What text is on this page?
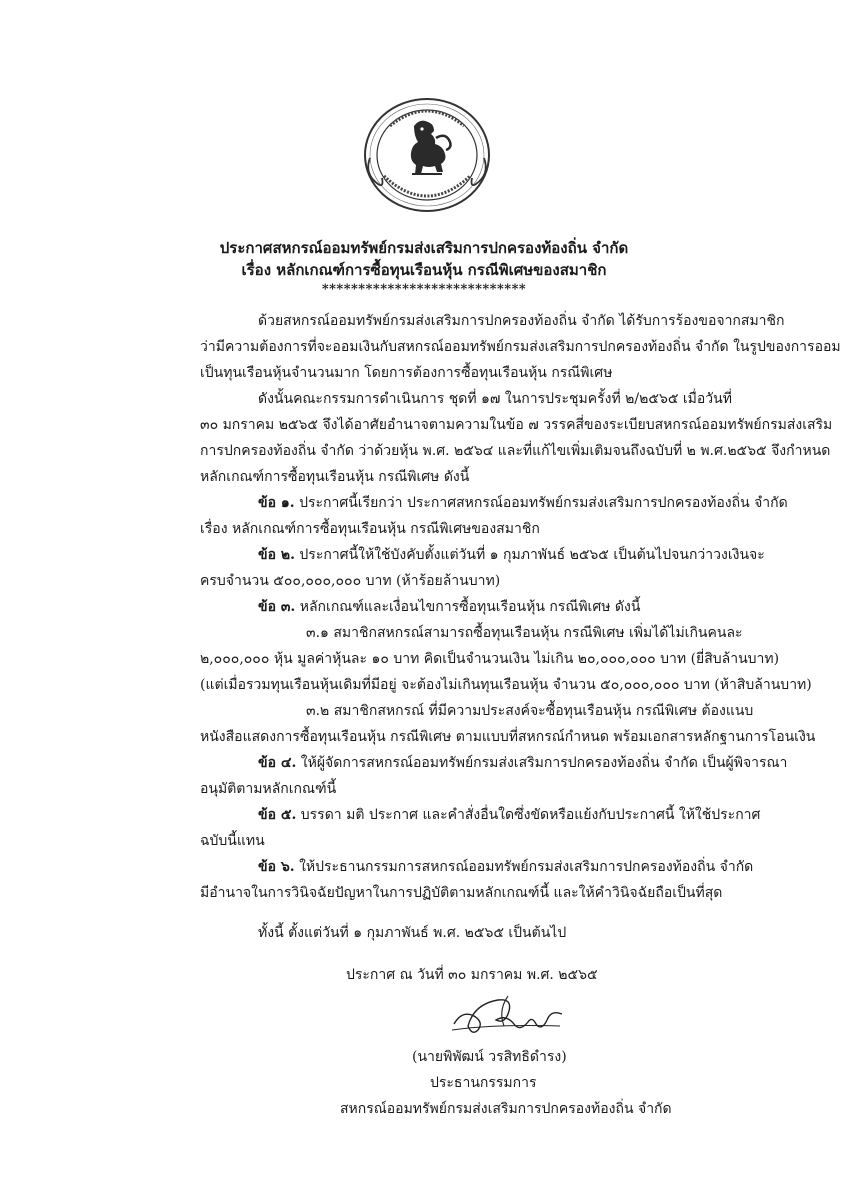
ประกาศสหกรณ์ออมทรัพย์กรมส่งเสริมการปกครองท้องถิ่น จำกัด
เรื่อง หลักเกณฑ์การซื้อทุนเรือนหุ้น กรณีพิเศษของสมาชิก
****************************
ด้วยสหกรณ์ออมทรัพย์กรมส่งเสริมการปกครองท้องถิ่น จำกัด ได้รับการร้องขอจากสมาชิก
ว่ามีความต้องการที่จะออมเงินกับสหกรณ์ออมทรัพย์กรมส่งเสริมการปกครองท้องถิ่น จำกัด ในรูปของการออม
เป็นทุนเรือนหุ้นจำนวนมาก โดยการต้องการซื้อทุนเรือนหุ้น กรณีพิเศษ
ดังนั้นคณะกรรมการดำเนินการ ชุดที่ ๑๗ ในการประชุมครั้งที่ ๒/๒๕๖๕ เมื่อวันที่
๓๐ มกราคม ๒๕๖๕ จึงได้อาศัยอำนาจตามความในข้อ ๗ วรรคสี่ของระเบียบสหกรณ์ออมทรัพย์กรมส่งเสริม
การปกครองท้องถิ่น จำกัด ว่าด้วยหุ้น พ.ศ. ๒๕๖๔ และที่แก้ไขเพิ่มเติมจนถึงฉบับที่ ๒ พ.ศ.๒๕๖๕ จึงกำหนด
หลักเกณฑ์การซื้อทุนเรือนหุ้น กรณีพิเศษ ดังนี้
ข้อ ๑. ประกาศนี้เรียกว่า ประกาศสหกรณ์ออมทรัพย์กรมส่งเสริมการปกครองท้องถิ่น จำกัด
เรื่อง หลักเกณฑ์การซื้อทุนเรือนหุ้น กรณีพิเศษของสมาชิก
ข้อ ๒. ประกาศนี้ให้ใช้บังคับตั้งแต่วันที่ ๑ กุมภาพันธ์ ๒๕๖๕ เป็นต้นไปจนกว่าวงเงินจะ
ครบจำนวน ๕๐๐,๐๐๐,๐๐๐ บาท (ห้าร้อยล้านบาท)
ข้อ ๓. หลักเกณฑ์และเงื่อนไขการซื้อทุนเรือนหุ้น กรณีพิเศษ ดังนี้
๓.๑ สมาชิกสหกรณ์สามารถซื้อทุนเรือนหุ้น กรณีพิเศษ เพิ่มได้ไม่เกินคนละ
๒,๐๐๐,๐๐๐ หุ้น มูลค่าหุ้นละ ๑๐ บาท คิดเป็นจำนวนเงิน ไม่เกิน ๒๐,๐๐๐,๐๐๐ บาท (ยี่สิบล้านบาท)
(แต่เมื่อรวมทุนเรือนหุ้นเดิมที่มีอยู่ จะต้องไม่เกินทุนเรือนหุ้น จำนวน ๕๐,๐๐๐,๐๐๐ บาท (ห้าสิบล้านบาท)
๓.๒ สมาชิกสหกรณ์ ที่มีความประสงค์จะซื้อทุนเรือนหุ้น กรณีพิเศษ ต้องแนบ
หนังสือแสดงการซื้อทุนเรือนหุ้น กรณีพิเศษ ตามแบบที่สหกรณ์กำหนด พร้อมเอกสารหลักฐานการโอนเงิน
ข้อ ๔. ให้ผู้จัดการสหกรณ์ออมทรัพย์กรมส่งเสริมการปกครองท้องถิ่น จำกัด เป็นผู้พิจารณา
อนุมัติตามหลักเกณฑ์นี้
ข้อ ๕. บรรดา มติ ประกาศ และคำสั่งอื่นใดซึ่งขัดหรือแย้งกับประกาศนี้ ให้ใช้ประกาศ
ฉบับนี้แทน
ข้อ ๖. ให้ประธานกรรมการสหกรณ์ออมทรัพย์กรมส่งเสริมการปกครองท้องถิ่น จำกัด
มีอำนาจในการวินิจฉัยปัญหาในการปฏิบัติตามหลักเกณฑ์นี้ และให้คำวินิจฉัยถือเป็นที่สุด
ทั้งนี้ ตั้งแต่วันที่ ๑ กุมภาพันธ์ พ.ศ. ๒๕๖๕ เป็นต้นไป
ประกาศ ณ วันที่ ๓๐ มกราคม พ.ศ. ๒๕๖๕
(นายพิพัฒน์ วรสิทธิดำรง)
ประธานกรรมการ
สหกรณ์ออมทรัพย์กรมส่งเสริมการปกครองท้องถิ่น จำกัด
